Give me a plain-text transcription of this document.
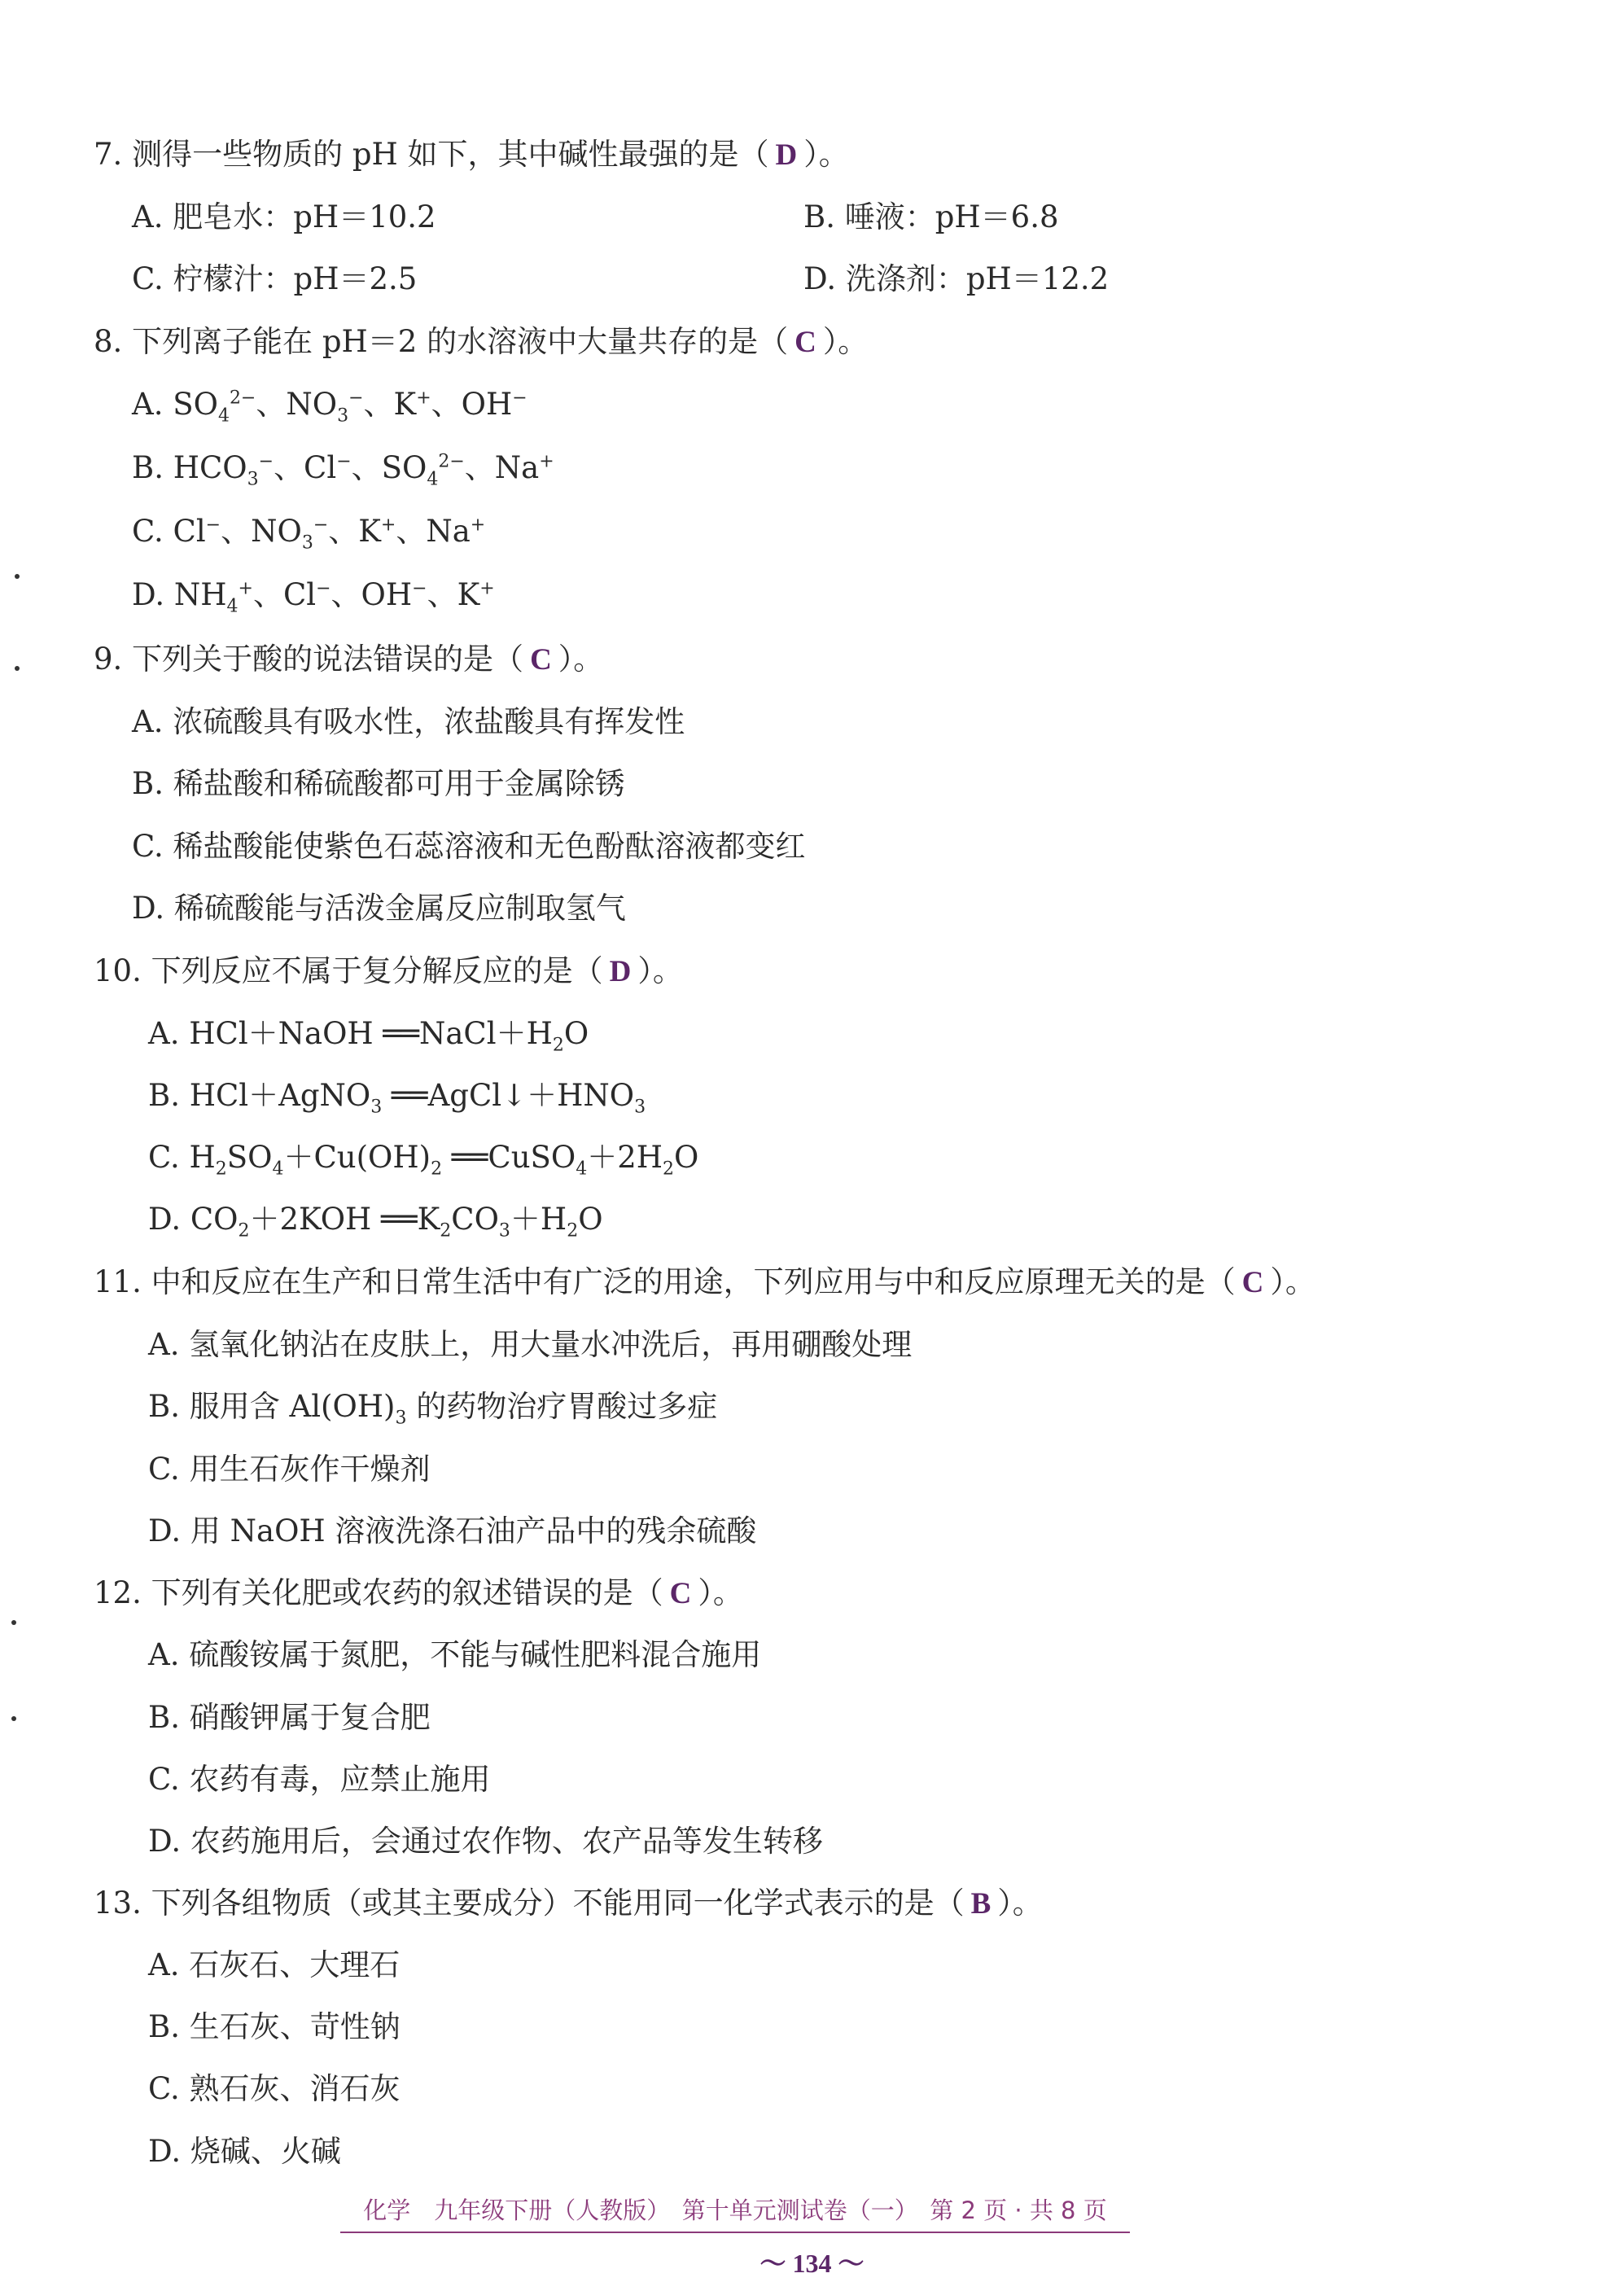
7. 测得一些物质的 pH 如下，其中碱性最强的是（ D ）。
A. 肥皂水：pH＝10.2	B. 唾液：pH＝6.8
C. 柠檬汁：pH＝2.5	D. 洗涤剂：pH＝12.2
8. 下列离子能在 pH＝2 的水溶液中大量共存的是（ C ）。
A. $SO_4^{2-}$、$NO_3^-$、K+、OH−
B. $HCO_3^-$、Cl−、$SO_4^{2-}$、Na+
C. Cl−、$NO_3^-$、K+、Na+
D. $NH_4^+$、Cl−、OH−、K+
9. 下列关于酸的说法错误的是（ C ）。
A. 浓硫酸具有吸水性，浓盐酸具有挥发性
B. 稀盐酸和稀硫酸都可用于金属除锈
C. 稀盐酸能使紫色石蕊溶液和无色酚酞溶液都变红
D. 稀硫酸能与活泼金属反应制取氢气
10. 下列反应不属于复分解反应的是（ D ）。
A. HCl＋NaOH $══NaCl+H_2O$
B. HCl＋AgNO$_3$ $══AgCl↓+HNO_3$
C. $H_2SO_4+Cu(OH)_2$ $══CuSO_4+2H_2O$
D. $CO_2+2KOH$ $══K_2CO_3+H_2O$
11. 中和反应在生产和日常生活中有广泛的用途，下列应用与中和反应原理无关的是（ C ）。
A. 氢氧化钠沾在皮肤上，用大量水冲洗后，再用硼酸处理
B. 服用含 $Al(OH)_3$ 的药物治疗胃酸过多症
C. 用生石灰作干燥剂
D. 用 NaOH 溶液洗涤石油产品中的残余硫酸
12. 下列有关化肥或农药的叙述错误的是（ C ）。
A. 硫酸铵属于氮肥，不能与碱性肥料混合施用
B. 硝酸钾属于复合肥
C. 农药有毒，应禁止施用
D. 农药施用后，会通过农作物、农产品等发生转移
13. 下列各组物质（或其主要成分）不能用同一化学式表示的是（ B ）。
A. 石灰石、大理石
B. 生石灰、苛性钠
C. 熟石灰、消石灰
D. 烧碱、火碱
化学　九年级下册（人教版）　第十单元测试卷（一）　第 2 页 · 共 8 页
～ 134 ～
